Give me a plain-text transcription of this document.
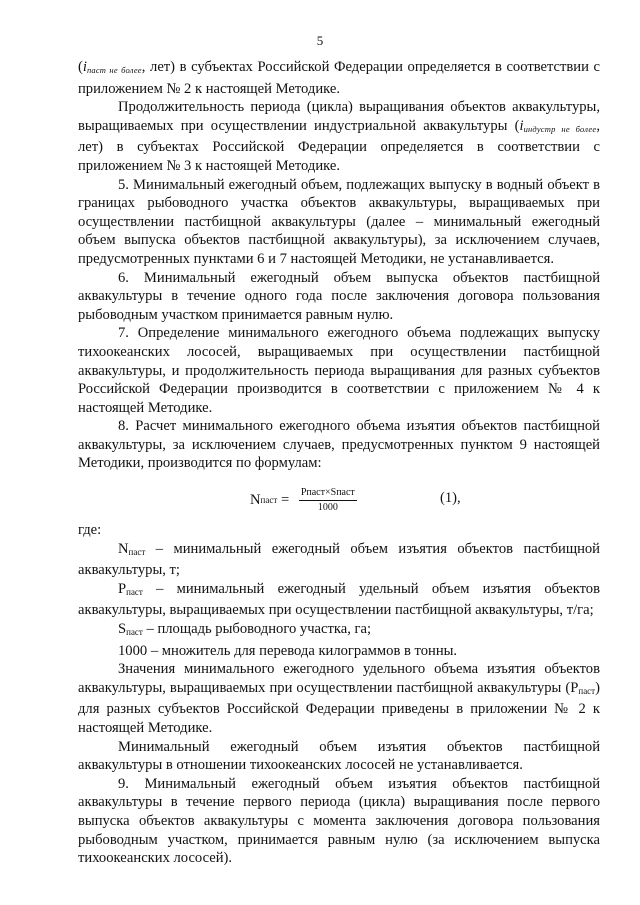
5

(iпаст не более, лет) в субъектах Российской Федерации определяется в соответствии с приложением № 2 к настоящей Методике.

Продолжительность периода (цикла) выращивания объектов аквакультуры, выращиваемых при осуществлении индустриальной аквакультуры (iиндустр не более, лет) в субъектах Российской Федерации определяется в соответствии с приложением № 3 к настоящей Методике.

5. Минимальный ежегодный объем, подлежащих выпуску в водный объект в границах рыбоводного участка объектов аквакультуры, выращиваемых при осуществлении пастбищной аквакультуры (далее – минимальный ежегодный объем выпуска объектов пастбищной аквакультуры), за исключением случаев, предусмотренных пунктами 6 и 7 настоящей Методики, не устанавливается.

6. Минимальный ежегодный объем выпуска объектов пастбищной аквакультуры в течение одного года после заключения договора пользования рыбоводным участком принимается равным нулю.

7. Определение минимального ежегодного объема подлежащих выпуску тихоокеанских лососей, выращиваемых при осуществлении пастбищной аквакультуры, и продолжительность периода выращивания для разных субъектов Российской Федерации производится в соответствии с приложением № 4 к настоящей Методике.

8. Расчет минимального ежегодного объема изъятия объектов пастбищной аквакультуры, за исключением случаев, предусмотренных пунктом 9 настоящей Методики, производится по формулам:

N паст = $\frac{\text{Pпаст×Sпаст}}{1000}$	(1),

где:

$N_{паст}$ – минимальный ежегодный объем изъятия объектов пастбищной аквакультуры, т;

$P_{паст}$ – минимальный ежегодный удельный объем изъятия объектов аквакультуры, выращиваемых при осуществлении пастбищной аквакультуры, т/га;

$S_{паст}$ – площадь рыбоводного участка, га;

1000 – множитель для перевода килограммов в тонны.

Значения минимального ежегодного удельного объема изъятия объектов аквакультуры, выращиваемых при осуществлении пастбищной аквакультуры $(P_{паст})$ для разных субъектов Российской Федерации приведены в приложении № 2 к настоящей Методике.

Минимальный ежегодный объем изъятия объектов пастбищной аквакультуры в отношении тихоокеанских лососей не устанавливается.

9. Минимальный ежегодный объем изъятия объектов пастбищной аквакультуры в течение первого периода (цикла) выращивания после первого выпуска объектов аквакультуры с момента заключения договора пользования рыбоводным участком, принимается равным нулю (за исключением выпуска тихоокеанских лососей).
